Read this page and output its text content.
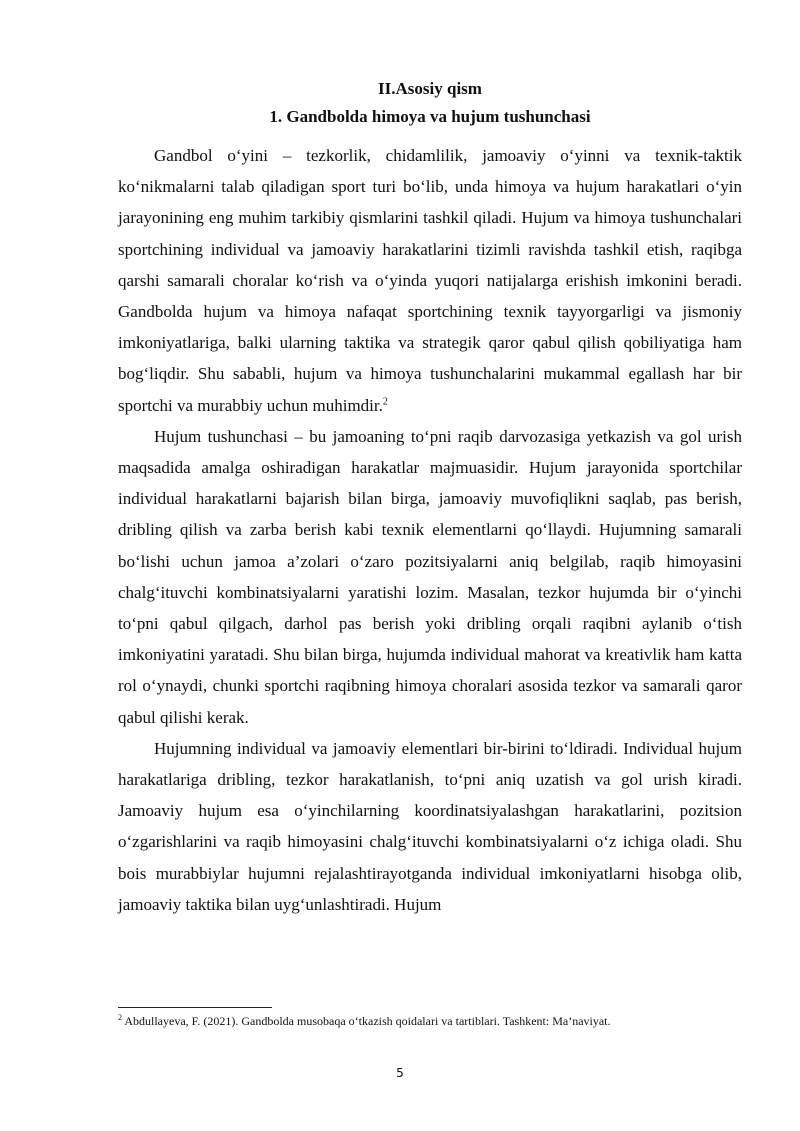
II.Asosiy qism
1. Gandbolda himoya va hujum tushunchasi

Gandbol o‘yini – tezkorlik, chidamlilik, jamoaviy o‘yinni va texnik-taktik ko‘nikmalarni talab qiladigan sport turi bo‘lib, unda himoya va hujum harakatlari o‘yin jarayonining eng muhim tarkibiy qismlarini tashkil qiladi. Hujum va himoya tushunchalari sportchining individual va jamoaviy harakatlarini tizimli ravishda tashkil etish, raqibga qarshi samarali choralar ko‘rish va o‘yinda yuqori natijalarga erishish imkonini beradi. Gandbolda hujum va himoya nafaqat sportchining texnik tayyorgarligi va jismoniy imkoniyatlariga, balki ularning taktika va strategik qaror qabul qilish qobiliyatiga ham bog‘liqdir. Shu sababli, hujum va himoya tushunchalarini mukammal egallash har bir sportchi va murabbiy uchun muhimdir.$^2$

Hujum tushunchasi – bu jamoaning to‘pni raqib darvozasiga yetkazish va gol urish maqsadida amalga oshiradigan harakatlar majmuasidir. Hujum jarayonida sportchilar individual harakatlarni bajarish bilan birga, jamoaviy muvofiqlikni saqlab, pas berish, dribling qilish va zarba berish kabi texnik elementlarni qo‘llaydi. Hujumning samarali bo‘lishi uchun jamoa a’zolari o‘zaro pozitsiyalarni aniq belgilab, raqib himoyasini chalg‘ituvchi kombinatsiyalarni yaratishi lozim. Masalan, tezkor hujumda bir o‘yinchi to‘pni qabul qilgach, darhol pas berish yoki dribling orqali raqibni aylanib o‘tish imkoniyatini yaratadi. Shu bilan birga, hujumda individual mahorat va kreativlik ham katta rol o‘ynaydi, chunki sportchi raqibning himoya choralari asosida tezkor va samarali qaror qabul qilishi kerak.

Hujumning individual va jamoaviy elementlari bir-birini to‘ldiradi. Individual hujum harakatlariga dribling, tezkor harakatlanish, to‘pni aniq uzatish va gol urish kiradi. Jamoaviy hujum esa o‘yinchilarning koordinatsiyalashgan harakatlarini, pozitsion o‘zgarishlarini va raqib himoyasini chalg‘ituvchi kombinatsiyalarni o‘z ichiga oladi. Shu bois murabbiylar hujumni rejalashtirayotganda individual imkoniyatlarni hisobga olib, jamoaviy taktika bilan uyg‘unlashtiradi. Hujum

$^2$ Abdullayeva, F. (2021). Gandbolda musobaqa o‘tkazish qoidalari va tartiblari. Tashkent: Ma’naviyat.
5
